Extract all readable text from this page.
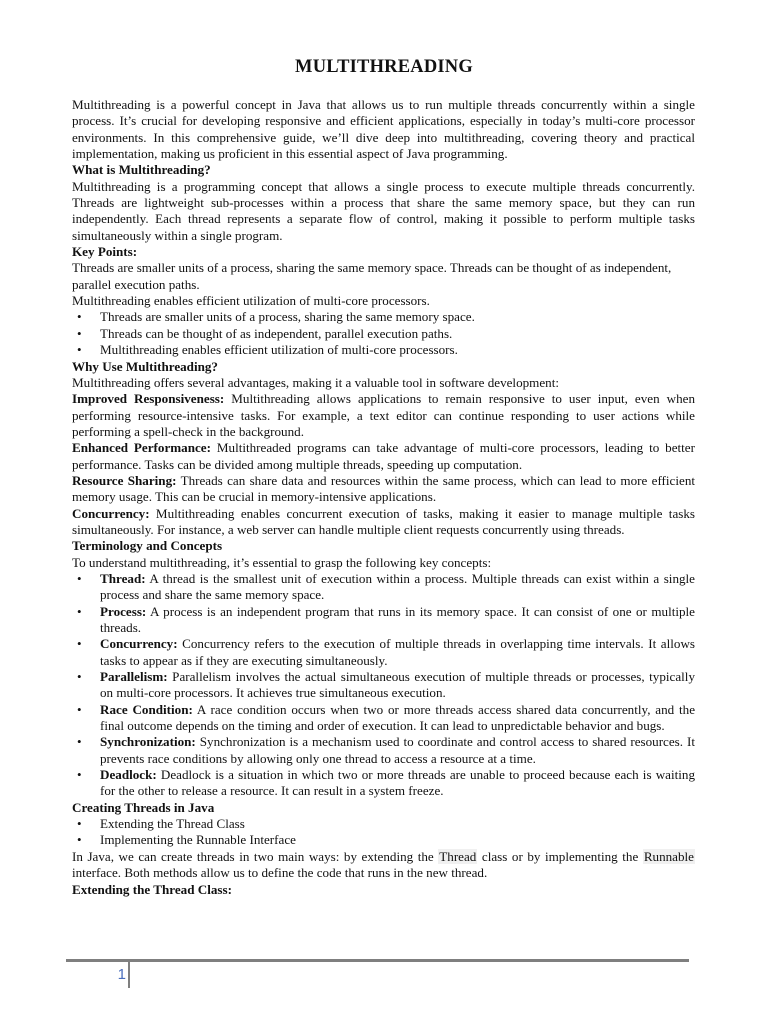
MULTITHREADING

Multithreading is a powerful concept in Java that allows us to run multiple threads concurrently within a single process. It’s crucial for developing responsive and efficient applications, especially in today’s multi-core processor environments. In this comprehensive guide, we’ll dive deep into multithreading, covering theory and practical implementation, making us proficient in this essential aspect of Java programming.

What is Multithreading?

Multithreading is a programming concept that allows a single process to execute multiple threads concurrently. Threads are lightweight sub-processes within a process that share the same memory space, but they can run independently. Each thread represents a separate flow of control, making it possible to perform multiple tasks simultaneously within a single program.

Key Points:

Threads are smaller units of a process, sharing the same memory space. Threads can be thought of as independent, parallel execution paths.

Multithreading enables efficient utilization of multi-core processors.

• Threads are smaller units of a process, sharing the same memory space.
• Threads can be thought of as independent, parallel execution paths.
• Multithreading enables efficient utilization of multi-core processors.
Why Use Multithreading?

Multithreading offers several advantages, making it a valuable tool in software development:

Improved Responsiveness: Multithreading allows applications to remain responsive to user input, even when performing resource-intensive tasks. For example, a text editor can continue responding to user actions while performing a spell-check in the background.

Enhanced Performance: Multithreaded programs can take advantage of multi-core processors, leading to better performance. Tasks can be divided among multiple threads, speeding up computation.

Resource Sharing: Threads can share data and resources within the same process, which can lead to more efficient memory usage. This can be crucial in memory-intensive applications.

Concurrency: Multithreading enables concurrent execution of tasks, making it easier to manage multiple tasks simultaneously. For instance, a web server can handle multiple client requests concurrently using threads.

Terminology and Concepts

To understand multithreading, it’s essential to grasp the following key concepts:

• Thread: A thread is the smallest unit of execution within a process. Multiple threads can exist within a single process and share the same memory space.
• Process: A process is an independent program that runs in its memory space. It can consist of one or multiple threads.
• Concurrency: Concurrency refers to the execution of multiple threads in overlapping time intervals. It allows tasks to appear as if they are executing simultaneously.
• Parallelism: Parallelism involves the actual simultaneous execution of multiple threads or processes, typically on multi-core processors. It achieves true simultaneous execution.
• Race Condition: A race condition occurs when two or more threads access shared data concurrently, and the final outcome depends on the timing and order of execution. It can lead to unpredictable behavior and bugs.
• Synchronization: Synchronization is a mechanism used to coordinate and control access to shared resources. It prevents race conditions by allowing only one thread to access a resource at a time.
• Deadlock: Deadlock is a situation in which two or more threads are unable to proceed because each is waiting for the other to release a resource. It can result in a system freeze.
Creating Threads in Java
• Extending the Thread Class
• Implementing the Runnable Interface

In Java, we can create threads in two main ways: by extending the Thread class or by implementing the Runnable interface. Both methods allow us to define the code that runs in the new thread.

Extending the Thread Class:
1
